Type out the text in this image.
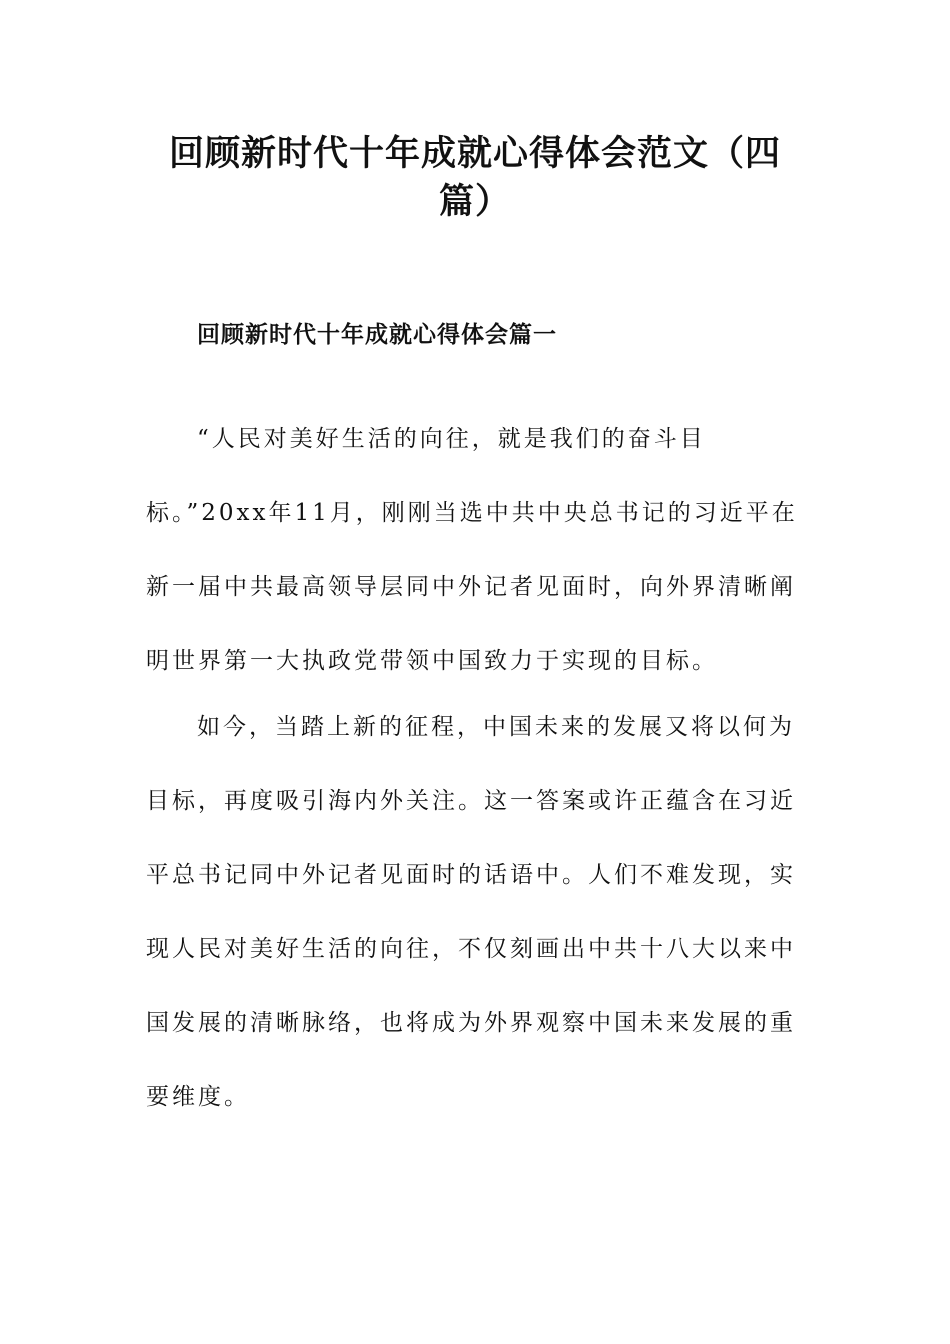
回顾新时代十年成就心得体会范文（四
篇）
回顾新时代十年成就心得体会篇一

“人民对美好生活的向往，就是我们的奋斗目

标。”20xx年11月，刚刚当选中共中央总书记的习近平在

新一届中共最高领导层同中外记者见面时，向外界清晰阐

明世界第一大执政党带领中国致力于实现的目标。

如今，当踏上新的征程，中国未来的发展又将以何为

目标，再度吸引海内外关注。这一答案或许正蕴含在习近

平总书记同中外记者见面时的话语中。人们不难发现，实

现人民对美好生活的向往，不仅刻画出中共十八大以来中

国发展的清晰脉络，也将成为外界观察中国未来发展的重

要维度。
